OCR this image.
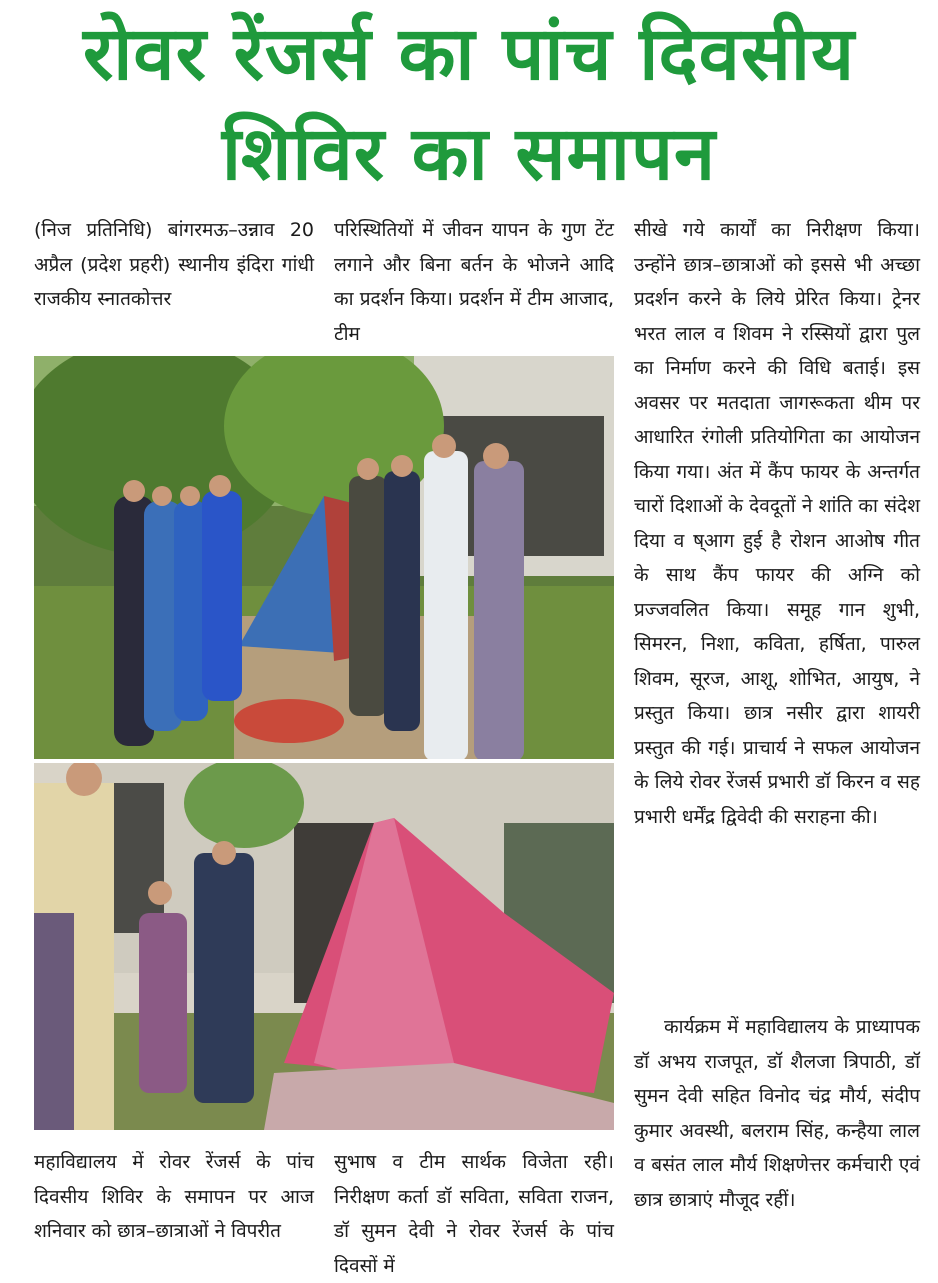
रोवर रेंजर्स का पांच दिवसीय
शिविर का समापन
(निज प्रतिनिधि) बांगरमऊ–उन्नाव 20 अप्रैल (प्रदेश प्रहरी) स्थानीय इंदिरा गांधी राजकीय स्नातकोत्तर
परिस्थितियों में जीवन यापन के गुण टेंट लगाने और बिना बर्तन के भोजने आदि का प्रदर्शन किया। प्रदर्शन में टीम आजाद, टीम
सीखे गये कार्यों का निरीक्षण किया। उन्होंने छात्र–छात्राओं को इससे भी अच्छा प्रदर्शन करने के लिये प्रेरित किया। ट्रेनर भरत लाल व शिवम ने रस्सियों द्वारा पुल का निर्माण करने की विधि बताई। इस अवसर पर मतदाता जागरूकता थीम पर आधारित रंगोली प्रतियोगिता का आयोजन किया गया। अंत में कैंप फायर के अन्तर्गत चारों दिशाओं के देवदूतों ने शांति का संदेश दिया व ष्आग हुई है रोशन आओष गीत के साथ कैंप फायर की अग्नि को प्रज्जवलित किया। समूह गान शुभी, सिमरन, निशा, कविता, हर्षिता, पारुल शिवम, सूरज, आशू, शोभित, आयुष, ने प्रस्तुत किया। छात्र नसीर द्वारा शायरी प्रस्तुत की गई। प्राचार्य ने सफल आयोजन के लिये रोवर रेंजर्स प्रभारी डॉ किरन व सह प्रभारी धर्मेंद्र द्विवेदी की सराहना की।
कार्यक्रम में महाविद्यालय के प्राध्यापक डॉ अभय राजपूत, डॉ शैलजा त्रिपाठी, डॉ सुमन देवी सहित विनोद चंद्र मौर्य, संदीप कुमार अवस्थी, बलराम सिंह, कन्हैया लाल व बसंत लाल मौर्य शिक्षणेत्तर कर्मचारी एवं छात्र छात्राएं मौजूद रहीं।
महाविद्यालय में रोवर रेंजर्स के पांच दिवसीय शिविर के समापन पर आज शनिवार को छात्र–छात्राओं ने विपरीत
सुभाष व टीम सार्थक विजेता रही। निरीक्षण कर्ता डॉ सविता, सविता राजन, डॉ सुमन देवी ने रोवर रेंजर्स के पांच दिवसों में
